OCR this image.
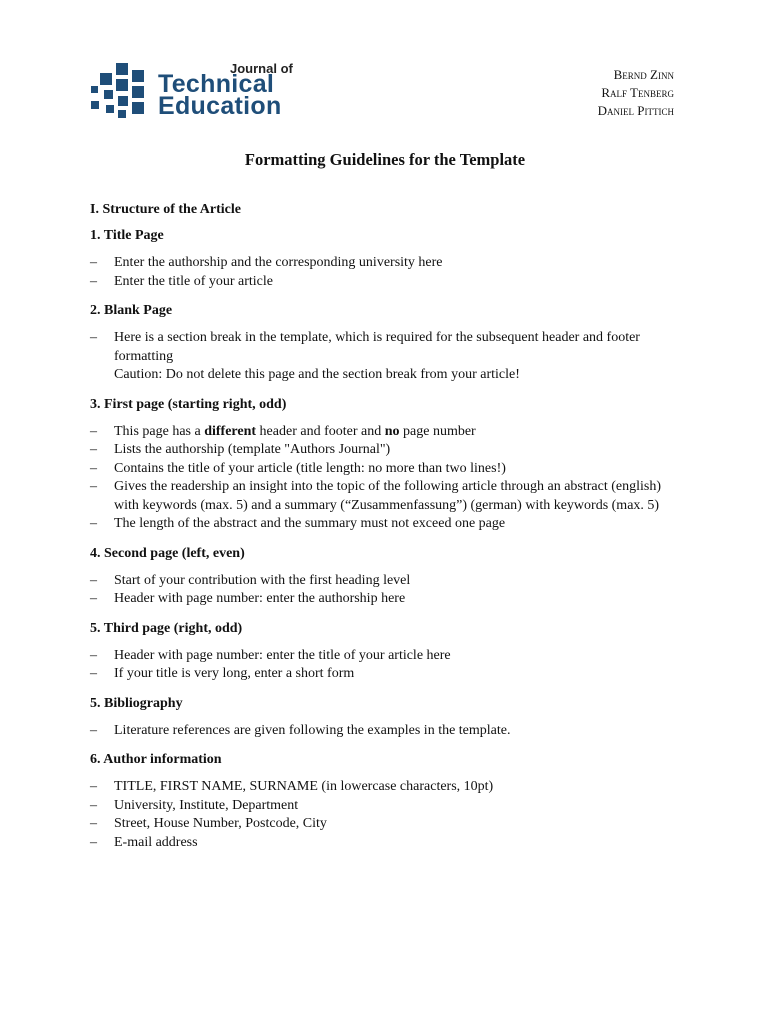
Journal of
Technical
Education
Bernd Zinn
Ralf Tenberg
Daniel Pittich
Formatting Guidelines for the Template

I. Structure of the Article

1. Title Page

– Enter the authorship and the corresponding university here
– Enter the title of your article

2. Blank Page

– Here is a section break in the template, which is required for the subsequent header and footer formatting
Caution: Do not delete this page and the section break from your article!

3. First page (starting right, odd)

– This page has a different header and footer and no page number
– Lists the authorship (template "Authors Journal")
– Contains the title of your article (title length: no more than two lines!)
– Gives the readership an insight into the topic of the following article through an abstract (english) with keywords (max. 5) and a summary (“Zusammenfassung”) (german) with keywords (max. 5)
– The length of the abstract and the summary must not exceed one page

4. Second page (left, even)

– Start of your contribution with the first heading level
– Header with page number: enter the authorship here

5. Third page (right, odd)

– Header with page number: enter the title of your article here
– If your title is very long, enter a short form

5. Bibliography

– Literature references are given following the examples in the template.

6. Author information

– TITLE, FIRST NAME, SURNAME (in lowercase characters, 10pt)
– University, Institute, Department
– Street, House Number, Postcode, City
– E-mail address
